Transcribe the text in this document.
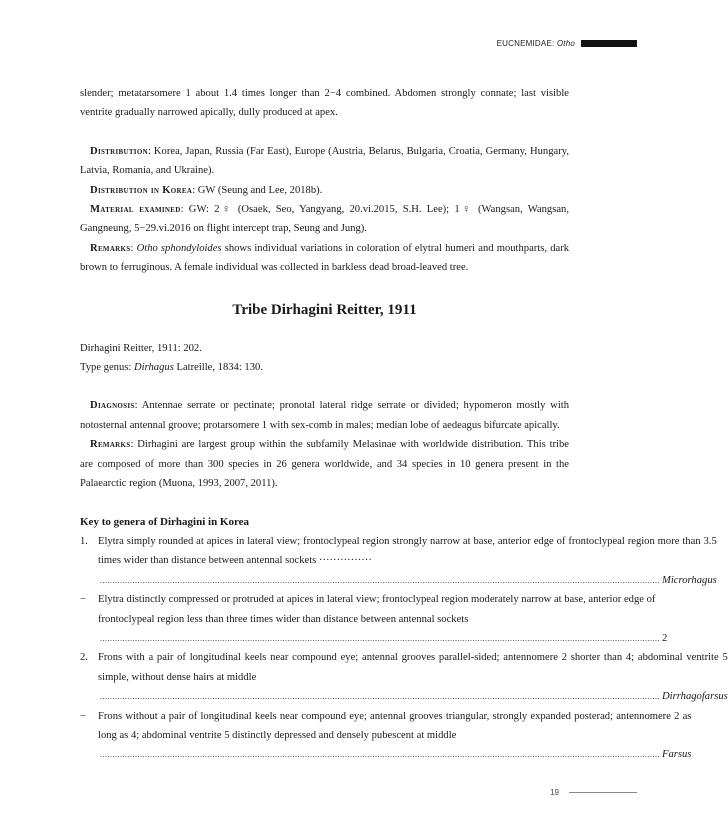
EUCNEMIDAE: Otho

slender; metatarsomere 1 about 1.4 times longer than 2−4 combined. Abdomen strongly connate; last visible ventrite gradually narrowed apically, dully produced at apex.

Distribution: Korea, Japan, Russia (Far East), Europe (Austria, Belarus, Bulgaria, Croatia, Germany, Hungary, Latvia, Romania, and Ukraine).

Distribution in Korea: GW (Seung and Lee, 2018b).

Material examined: GW: 2♀ (Osaek, Seo, Yangyang, 20.vi.2015, S.H. Lee); 1♀ (Wangsan, Wangsan, Gangneung, 5−29.vi.2016 on flight intercept trap, Seung and Jung).

Remarks: Otho sphondyloides shows individual variations in coloration of elytral humeri and mouthparts, dark brown to ferruginous. A female individual was collected in barkless dead broad-leaved tree.

Tribe Dirhagini Reitter, 1911

Dirhagini Reitter, 1911: 202.

Type genus: Dirhagus Latreille, 1834: 130.

Diagnosis: Antennae serrate or pectinate; pronotal lateral ridge serrate or divided; hypomeron mostly with notosternal antennal groove; protarsomere 1 with sex-comb in males; median lobe of aedeagus bifurcate apically.

Remarks: Dirhagini are largest group within the subfamily Melasinae with worldwide distribution. This tribe are composed of more than 300 species in 26 genera worldwide, and 34 species in 10 genera present in the Palaearctic region (Muona, 1993, 2007, 2011).

Key to genera of Dirhagini in Korea

1. Elytra simply rounded at apices in lateral view; frontoclypeal region strongly narrow at base, anterior edge of frontoclypeal region more than 3.5 times wider than distance between antennal sockets ···············
.....
Microrhagus
−	Elytra distinctly compressed or protruded at apices in lateral view; frontoclypeal region moderately narrow at base, anterior edge of frontoclypeal region less than three times wider than distance between antennal sockets
.....
2
2. Frons with a pair of longitudinal keels near compound eye; antennal grooves parallel-sided; antennomere 2 shorter than 4; abdominal ventrite 5 simple, without dense hairs at middle
.....
Dirrhagofarsus
−	Frons without a pair of longitudinal keels near compound eye; antennal grooves triangular, strongly expanded posterad; antennomere 2 as long as 4; abdominal ventrite 5 distinctly depressed and densely pubescent at middle
.....
Farsus
19
